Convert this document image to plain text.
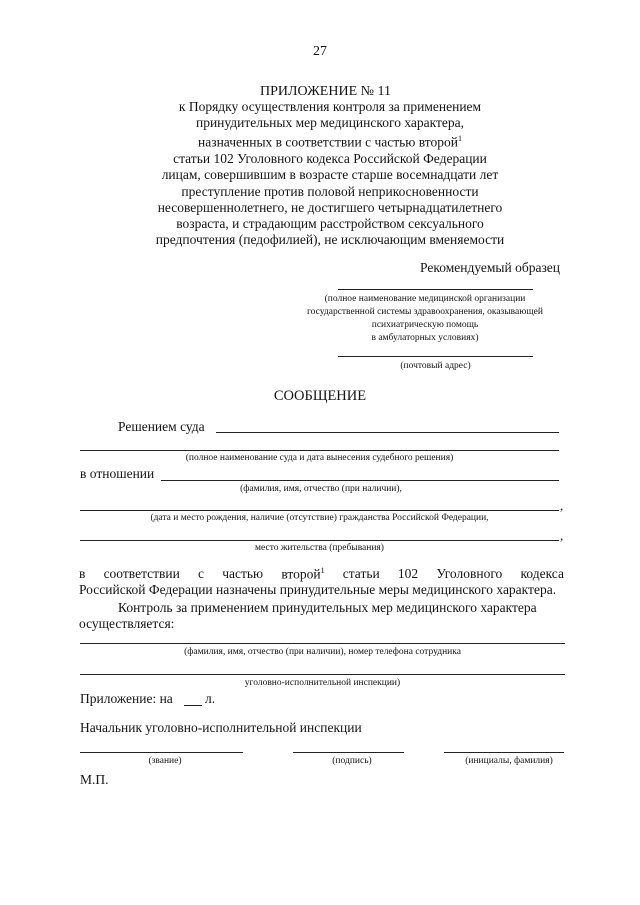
27
ПРИЛОЖЕНИЕ № 11
к Порядку осуществления контроля за применением
принудительных мер медицинского характера,
назначенных в соответствии с частью второй$^1$
статьи 102 Уголовного кодекса Российской Федерации
лицам, совершившим в возрасте старше восемнадцати лет
преступление против половой неприкосновенности
несовершеннолетнего, не достигшего четырнадцатилетнего
возраста, и страдающим расстройством сексуального
предпочтения (педофилией), не исключающим вменяемости
Рекомендуемый образец
(полное наименование медицинской организации
государственной системы здравоохранения, оказывающей
психиатрическую помощь
в амбулаторных условиях)
(почтовый адрес)
СООБЩЕНИЕ
Решением суда
(полное наименование суда и дата вынесения судебного решения)
в отношении
(фамилия, имя, отчество (при наличии),
,
(дата и место рождения, наличие (отсутствие) гражданства Российской Федерации,
,
место жительства (пребывания)
в соответствии с частью второй$^1$ статьи 102 Уголовного кодекса
Российской Федерации назначены принудительные меры медицинского характера.
Контроль за применением принудительных мер медицинского характера
осуществляется:
(фамилия, имя, отчество (при наличии), номер телефона сотрудника
уголовно-исполнительной инспекции)
Приложение: на л.
Начальник уголовно-исполнительной инспекции
(звание)	(подпись)	(инициалы, фамилия)
М.П.
